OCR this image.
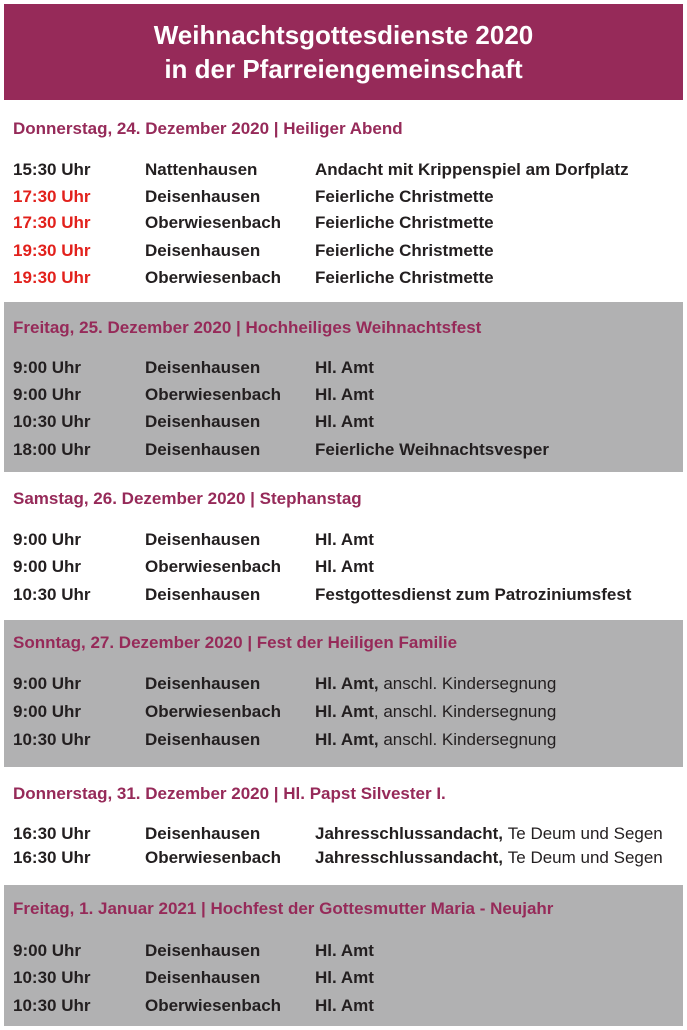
Weihnachtsgottesdienste 2020
in der Pfarreiengemeinschaft
Donnerstag, 24. Dezember 2020 | Heiliger Abend
15:30 Uhr	Nattenhausen	Andacht mit Krippenspiel am Dorfplatz
17:30 Uhr	Deisenhausen	Feierliche Christmette
17:30 Uhr	Oberwiesenbach Feierliche Christmette
19:30 Uhr	Deisenhausen	Feierliche Christmette
19:30 Uhr	Oberwiesenbach Feierliche Christmette
Freitag, 25. Dezember 2020 | Hochheiliges Weihnachtsfest
9:00 Uhr	Deisenhausen	Hl. Amt
9:00 Uhr	Oberwiesenbach Hl. Amt
10:30 Uhr	Deisenhausen	Hl. Amt
18:00 Uhr	Deisenhausen	Feierliche Weihnachtsvesper
Samstag, 26. Dezember 2020 | Stephanstag
9:00 Uhr	Deisenhausen	Hl. Amt
9:00 Uhr	Oberwiesenbach Hl. Amt
10:30 Uhr	Deisenhausen	Festgottesdienst zum Patroziniumsfest
Sonntag, 27. Dezember 2020 | Fest der Heiligen Familie
9:00 Uhr	Deisenhausen	Hl. Amt, anschl. Kindersegnung
9:00 Uhr	Oberwiesenbach Hl. Amt, anschl. Kindersegnung
10:30 Uhr	Deisenhausen	Hl. Amt, anschl. Kindersegnung
Donnerstag, 31. Dezember 2020 | Hl. Papst Silvester I.
16:30 Uhr	Deisenhausen	Jahresschlussandacht, Te Deum und Segen
16:30 Uhr	Oberwiesenbach Jahresschlussandacht, Te Deum und Segen
Freitag, 1. Januar 2021 | Hochfest der Gottesmutter Maria - Neujahr
9:00 Uhr	Deisenhausen	Hl. Amt
10:30 Uhr	Deisenhausen	Hl. Amt
10:30 Uhr	Oberwiesenbach Hl. Amt
